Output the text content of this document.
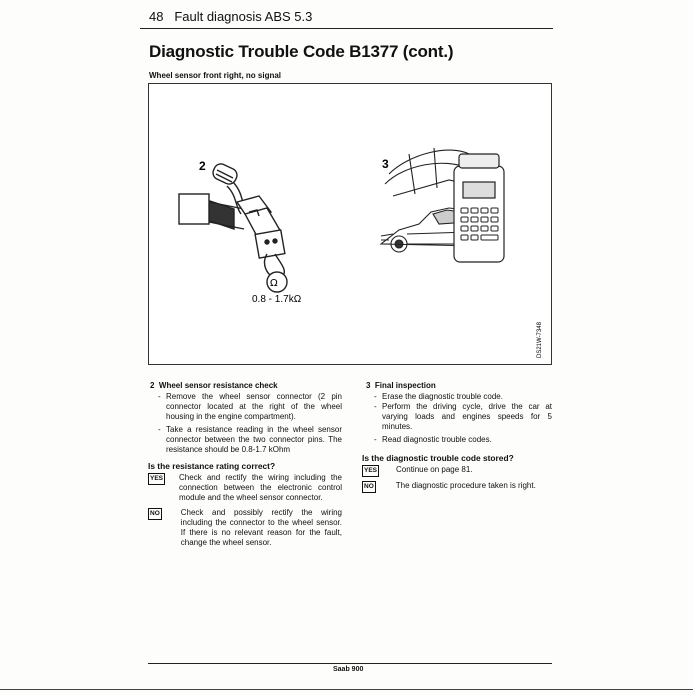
48 Fault diagnosis ABS 5.3
Diagnostic Trouble Code B1377 (cont.)
Wheel sensor front right, no signal
2
Ω
0.8 - 1.7kΩ
3
DS21W-7348

2 Wheel sensor resistance check

- Remove the wheel sensor connector (2 pin connector located at the right of the wheel housing in the engine compartment).
- Take a resistance reading in the wheel sensor connector between the two connector pins. The resistance should be 0.8-1.7 kOhm
Is the resistance rating correct?
YES Check and rectify the wiring including the connection between the electronic control module and the wheel sensor connector.
NO	Check and possibly rectify the wiring including the connector to the wheel sensor. If there is no relevant reason for the fault, change the wheel sensor.

3 Final inspection

- Erase the diagnostic trouble code.
- Perform the driving cycle, drive the car at varying loads and engines speeds for 5 minutes.
- Read diagnostic trouble codes.
Is the diagnostic trouble code stored?
YES Continue on page 81.
NO	The diagnostic procedure taken is right.
Saab 900
